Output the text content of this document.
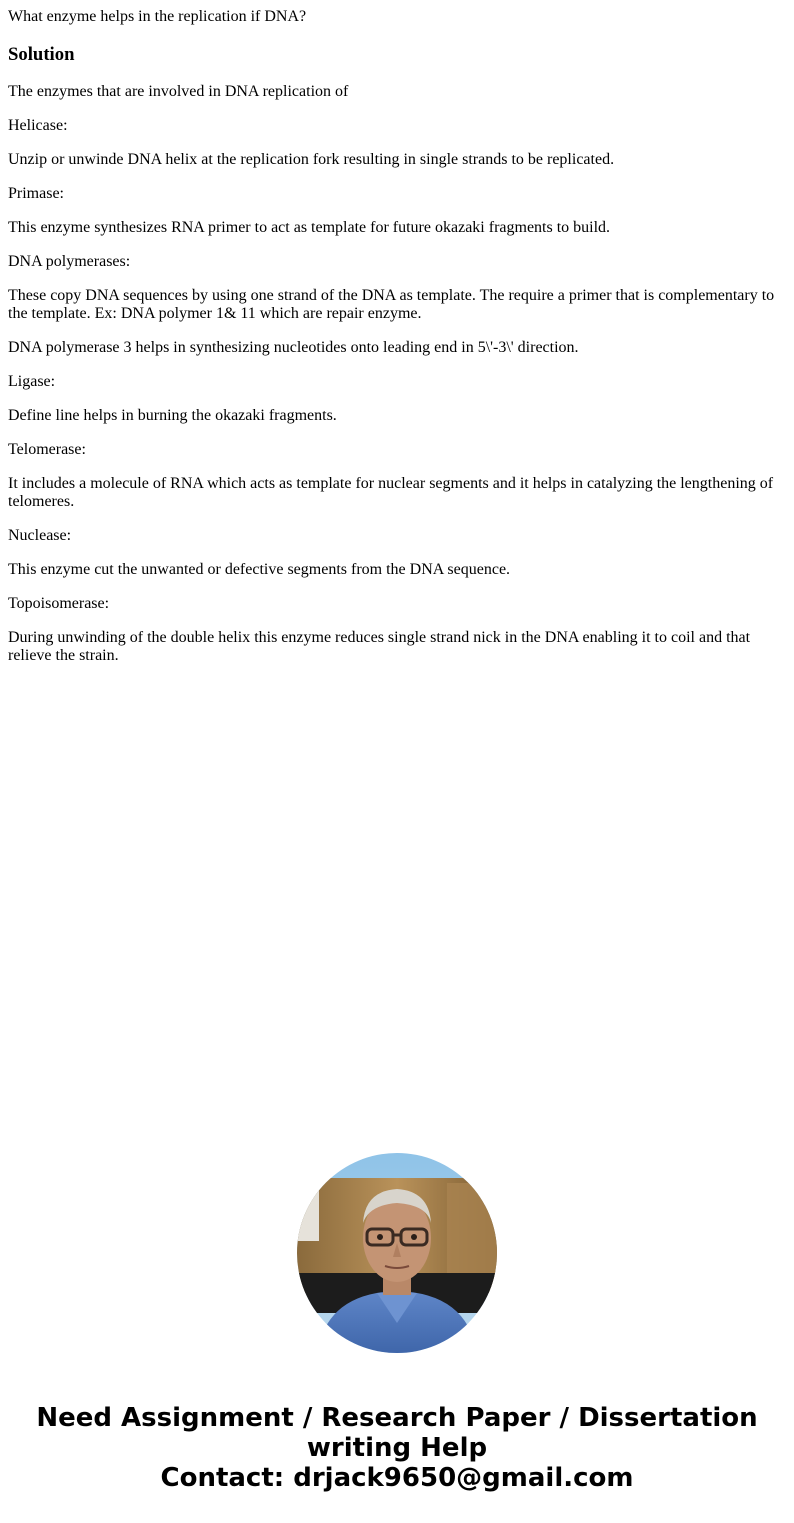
What enzyme helps in the replication if DNA?

Solution

The enzymes that are involved in DNA replication of

Helicase:

Unzip or unwinde DNA helix at the replication fork resulting in single strands to be replicated.

Primase:

This enzyme synthesizes RNA primer to act as template for future okazaki fragments to build.

DNA polymerases:

These copy DNA sequences by using one strand of the DNA as template. The require a primer that is complementary to the template. Ex: DNA polymer 1& 11 which are repair enzyme.

DNA polymerase 3 helps in synthesizing nucleotides onto leading end in 5\'-3\' direction.

Ligase:

Define line helps in burning the okazaki fragments.

Telomerase:

It includes a molecule of RNA which acts as template for nuclear segments and it helps in catalyzing the lengthening of telomeres.

Nuclease:

This enzyme cut the unwanted or defective segments from the DNA sequence.

Topoisomerase:

During unwinding of the double helix this enzyme reduces single strand nick in the DNA enabling it to coil and that relieve the strain.

Need Assignment / Research Paper / Dissertation
writing Help
Contact: drjack9650@gmail.com
